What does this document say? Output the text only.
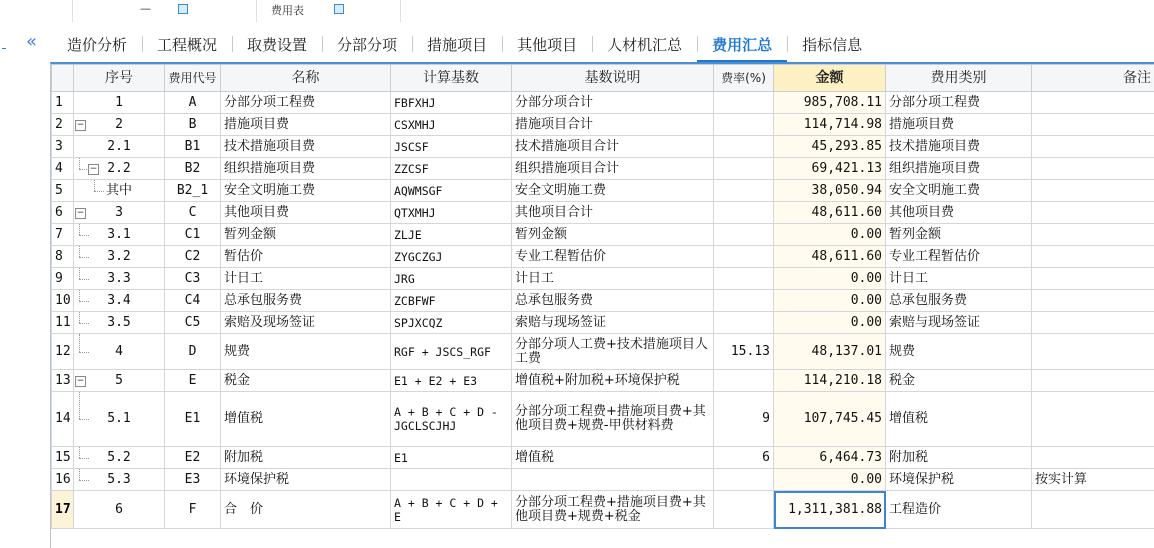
—	费用表
«	造价分析	工程概况	取费设置	分部分项	措施项目	其他项目	人材机汇总	费用汇总	指标信息
	序号	费用代号	名称	计算基数	基数说明	费率(%)	金额	费用类别	备注
1	1	A	分部分项工程费	FBFXHJ	分部分项合计		985,708.11	分部分项工程费	
2	− 2	B	措施项目费	CSXMHJ	措施项目合计		114,714.98	措施项目费	
3	2.1	B1	技术措施项目费	JSCSF	技术措施项目合计		45,293.85	技术措施项目费	
4	− 2.2	B2	组织措施项目费	ZZCSF	组织措施项目合计		69,421.13	组织措施项目费	
5	其中	B2_1	安全文明施工费	AQWMSGF	安全文明施工费		38,050.94	安全文明施工费	
6	− 3	C	其他项目费	QTXMHJ	其他项目合计		48,611.60	其他项目费	
7	3.1	C1	暂列金额	ZLJE	暂列金额		0.00	暂列金额	
8	3.2	C2	暂估价	ZYGCZGJ	专业工程暂估价		48,611.60	专业工程暂估价	
9	3.3	C3	计日工	JRG	计日工		0.00	计日工	
10	3.4	C4	总承包服务费	ZCBFWF	总承包服务费		0.00	总承包服务费	
11	3.5	C5	索赔及现场签证	SPJXCQZ	索赔与现场签证		0.00	索赔与现场签证	
12	4	D	规费	RGF + JSCS_RGF	分部分项人工费+技术措施项目人工费	15.13	48,137.01	规费	
13	− 5	E	税金	E1 + E2 + E3	增值税+附加税+环境保护税		114,210.18	税金	
14	5.1	E1	增值税	A + B + C + D - JGCLSCJHJ	分部分项工程费+措施项目费+其他项目费+规费-甲供材料费	9	107,745.45	增值税	
15	5.2	E2	附加税	E1	增值税	6	6,464.73	附加税	
16	5.3	E3	环境保护税				0.00	环境保护税	按实计算
17	6	F	合　价	A + B + C + D + E	分部分项工程费+措施项目费+其他项目费+规费+税金		1,311,381.88	工程造价	
